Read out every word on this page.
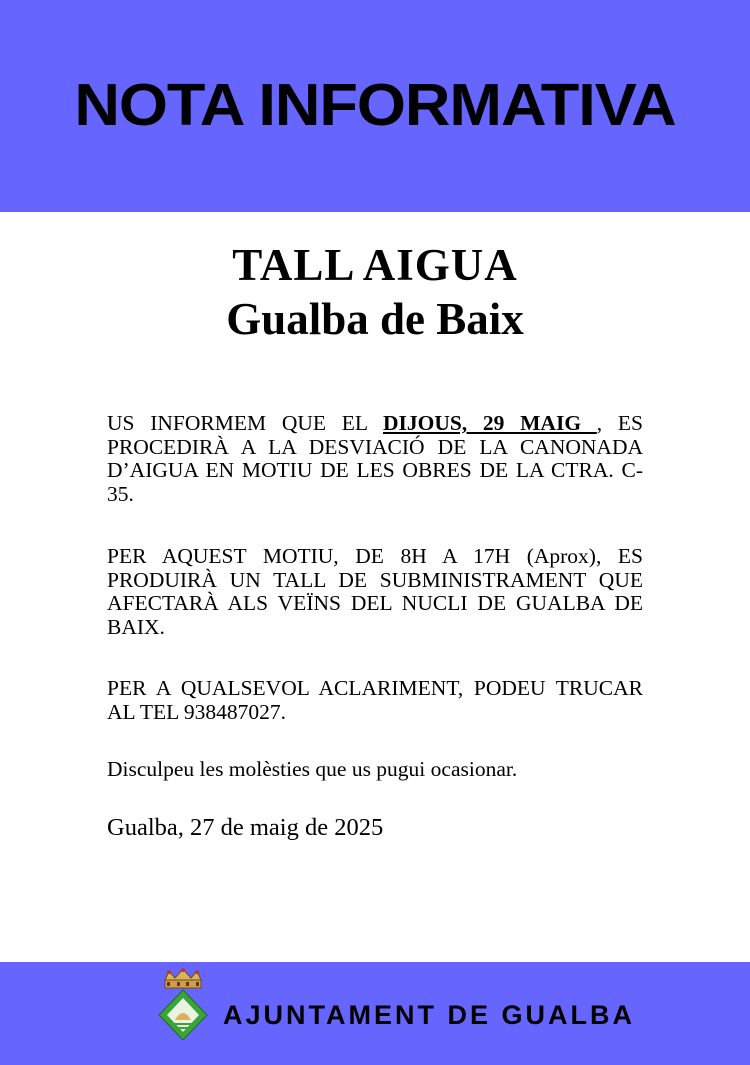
NOTA INFORMATIVA
TALL AIGUA
Gualba de Baix
US INFORMEM QUE EL DIJOUS, 29 MAIG , ES PROCEDIRÀ A LA DESVIACIÓ DE LA CANONADA D’AIGUA EN MOTIU DE LES OBRES DE LA CTRA. C-35.
PER AQUEST MOTIU, DE 8H A 17H (Aprox), ES PRODUIRÀ UN TALL DE SUBMINISTRAMENT QUE AFECTARÀ ALS VEÏNS DEL NUCLI DE GUALBA DE BAIX.
PER A QUALSEVOL ACLARIMENT, PODEU TRUCAR AL TEL 938487027.
Disculpeu les molèsties que us pugui ocasionar.
Gualba, 27 de maig de 2025
AJUNTAMENT DE GUALBA
